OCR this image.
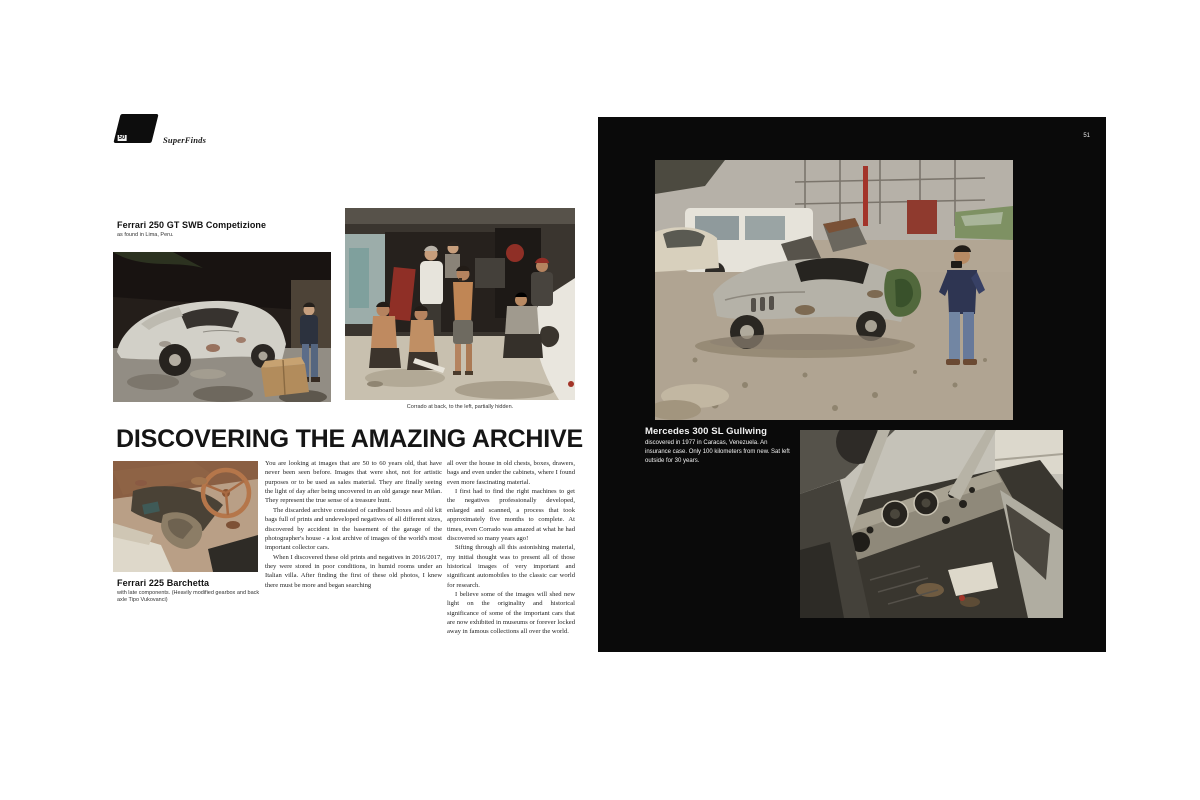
50	SuperFinds
Ferrari 250 GT SWB Competizione
as found in Lima, Peru.
Corrado at back, to the left, partially hidden.
DISCOVERING THE AMAZING ARCHIVE
Ferrari 225 Barchetta
with late components. (Heavily modified gearbox and back axle Tipo Vukovanci)

You are looking at images that are 50 to 60 years old, that have never been seen before. Images that were shot, not for artistic purposes or to be used as sales material. They are finally seeing the light of day after being uncovered in an old garage near Milan. They represent the true sense of a treasure hunt.

The discarded archive consisted of cardboard boxes and old kit bags full of prints and undeveloped negatives of all different sizes, discovered by accident in the basement of the garage of the photographer's house - a lost archive of images of the world's most important collector cars.

When I discovered these old prints and negatives in 2016/2017, they were stored in poor conditions, in humid rooms under an Italian villa. After finding the first of these old photos, I knew there must be more and began searching

all over the house in old chests, boxes, drawers, bags and even under the cabinets, where I found even more fascinating material.

I first had to find the right machines to get the negatives professionally developed, enlarged and scanned, a process that took approximately five months to complete. At times, even Corrado was amazed at what he had discovered so many years ago!

Sifting through all this astonishing material, my initial thought was to present all of those historical images of very important and significant automobiles to the classic car world for research.

I believe some of the images will shed new light on the originality and historical significance of some of the important cars that are now exhibited in museums or forever locked away in famous collections all over the world.

51
Mercedes 300 SL Gullwing discovered in 1977 in Caracas, Venezuela. An insurance case. Only 100 kilometers from new. Sat left outside for 30 years.
